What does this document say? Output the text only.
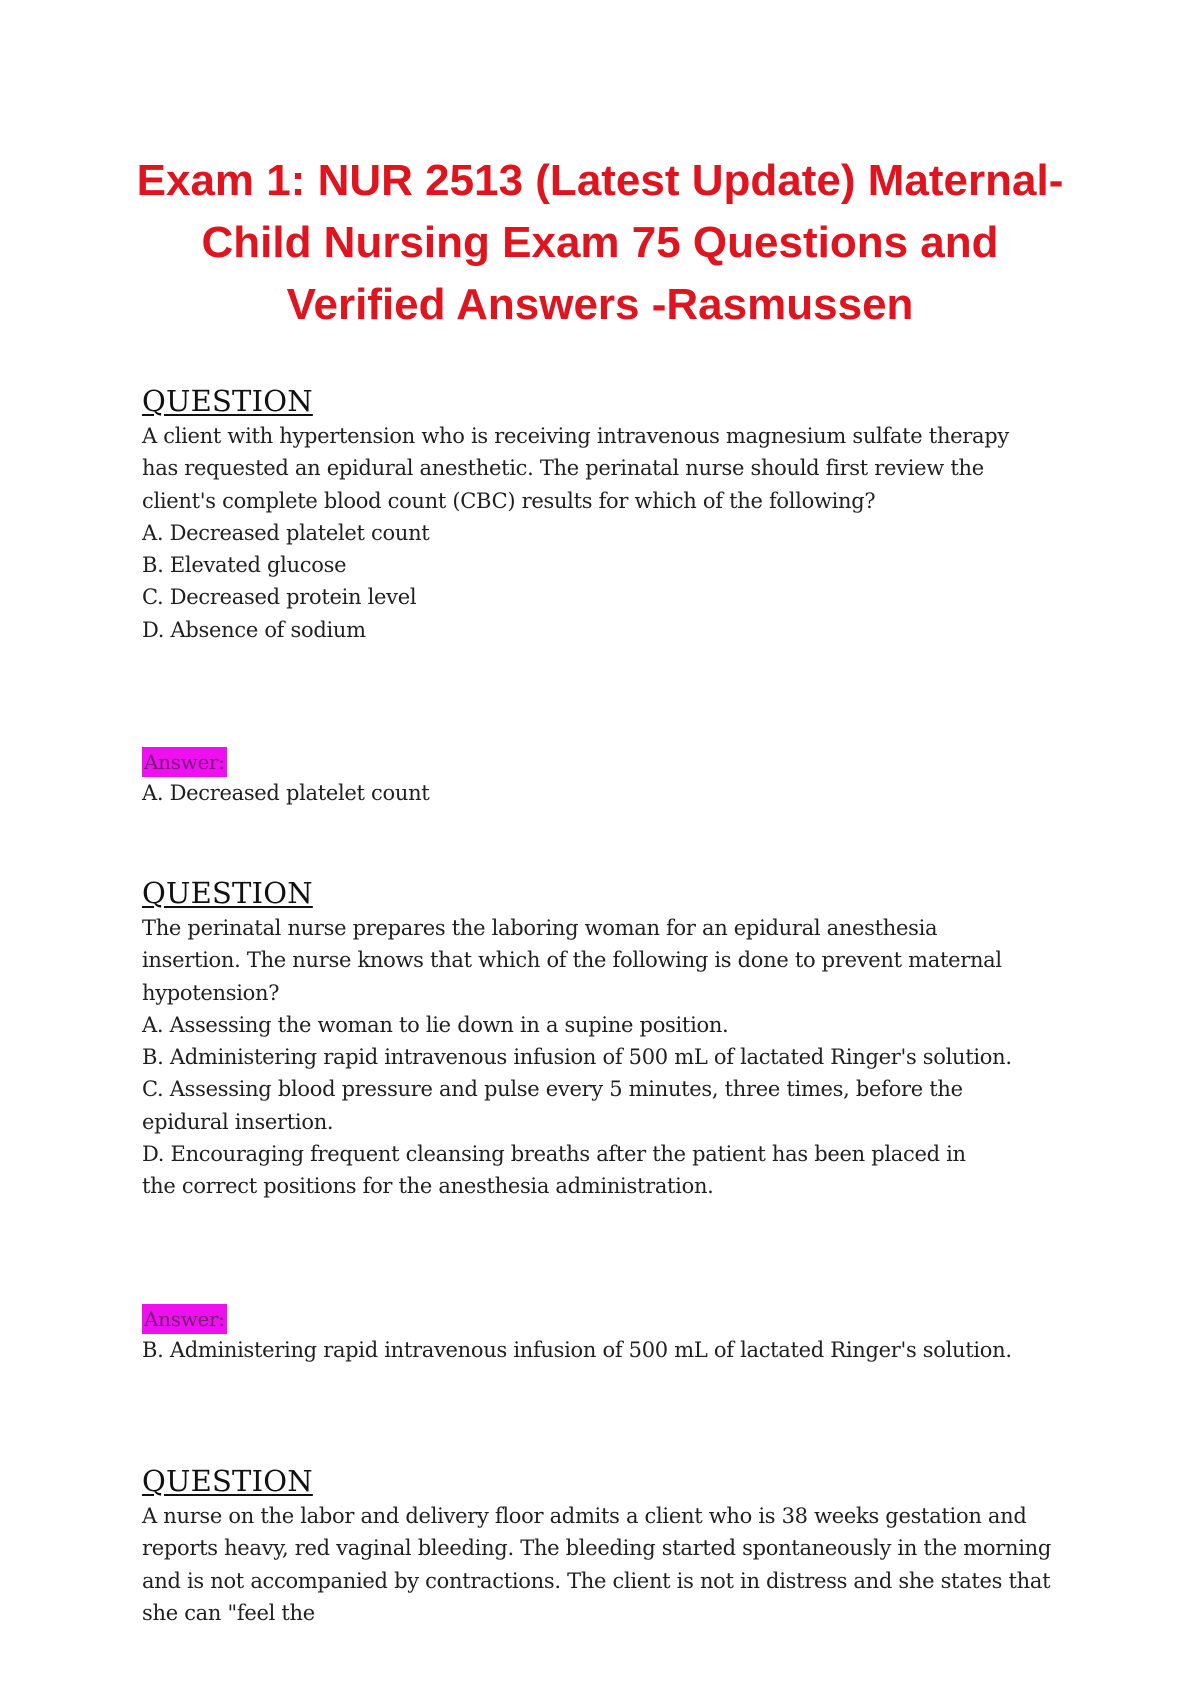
Exam 1: NUR 2513 (Latest Update) Maternal-
Child Nursing Exam 75 Questions and
Verified Answers -Rasmussen
QUESTION
A client with hypertension who is receiving intravenous magnesium sulfate therapy
has requested an epidural anesthetic. The perinatal nurse should first review the
client's complete blood count (CBC) results for which of the following?
A. Decreased platelet count
B. Elevated glucose
C. Decreased protein level
D. Absence of sodium
Answer:
A. Decreased platelet count
QUESTION
The perinatal nurse prepares the laboring woman for an epidural anesthesia
insertion. The nurse knows that which of the following is done to prevent maternal
hypotension?
A. Assessing the woman to lie down in a supine position.
B. Administering rapid intravenous infusion of 500 mL of lactated Ringer's solution.
C. Assessing blood pressure and pulse every 5 minutes, three times, before the
epidural insertion.
D. Encouraging frequent cleansing breaths after the patient has been placed in
the correct positions for the anesthesia administration.
Answer:
B. Administering rapid intravenous infusion of 500 mL of lactated Ringer's solution.
QUESTION
A nurse on the labor and delivery floor admits a client who is 38 weeks gestation and
reports heavy, red vaginal bleeding. The bleeding started spontaneously in the morning
and is not accompanied by contractions. The client is not in distress and she states that
she can "feel the
